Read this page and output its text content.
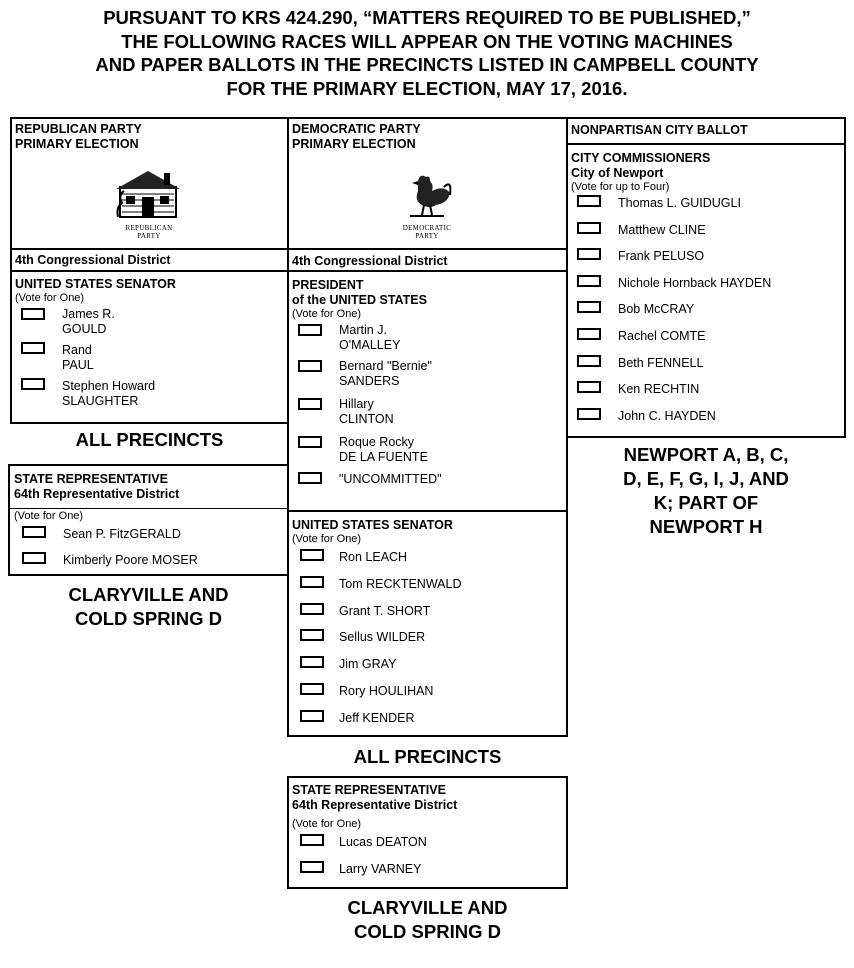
PURSUANT TO KRS 424.290, “MATTERS REQUIRED TO BE PUBLISHED,”
THE FOLLOWING RACES WILL APPEAR ON THE VOTING MACHINES
AND PAPER BALLOTS IN THE PRECINCTS LISTED IN CAMPBELL COUNTY
FOR THE PRIMARY ELECTION, MAY 17, 2016.
REPUBLICAN PARTY
PRIMARY ELECTION
REPUBLICAN
PARTY
4th Congressional District
UNITED STATES SENATOR
(Vote for One)
James R.
GOULD
Rand
PAUL
Stephen Howard
SLAUGHTER
ALL PRECINCTS
STATE REPRESENTATIVE
64th Representative District
(Vote for One)
Sean P. FitzGERALD
Kimberly Poore MOSER
CLARYVILLE AND
COLD SPRING D
DEMOCRATIC PARTY
PRIMARY ELECTION
DEMOCRATIC
PARTY
4th Congressional District
PRESIDENT
of the UNITED STATES
(Vote for One)
Martin J.
O'MALLEY
Bernard "Bernie"
SANDERS
Hillary
CLINTON
Roque Rocky
DE LA FUENTE
"UNCOMMITTED"
UNITED STATES SENATOR
(Vote for One)
Ron LEACH
Tom RECKTENWALD
Grant T. SHORT
Sellus WILDER
Jim GRAY
Rory HOULIHAN
Jeff KENDER
ALL PRECINCTS
STATE REPRESENTATIVE
64th Representative District
(Vote for One)
Lucas DEATON
Larry VARNEY
CLARYVILLE AND
COLD SPRING D
NONPARTISAN CITY BALLOT
CITY COMMISSIONERS
City of Newport
(Vote for up to Four)
Thomas L. GUIDUGLI
Matthew CLINE
Frank PELUSO
Nichole Hornback HAYDEN
Bob McCRAY
Rachel COMTE
Beth FENNELL
Ken RECHTIN
John C. HAYDEN
NEWPORT A, B, C,
D, E, F, G, I, J, AND
K; PART OF
NEWPORT H
